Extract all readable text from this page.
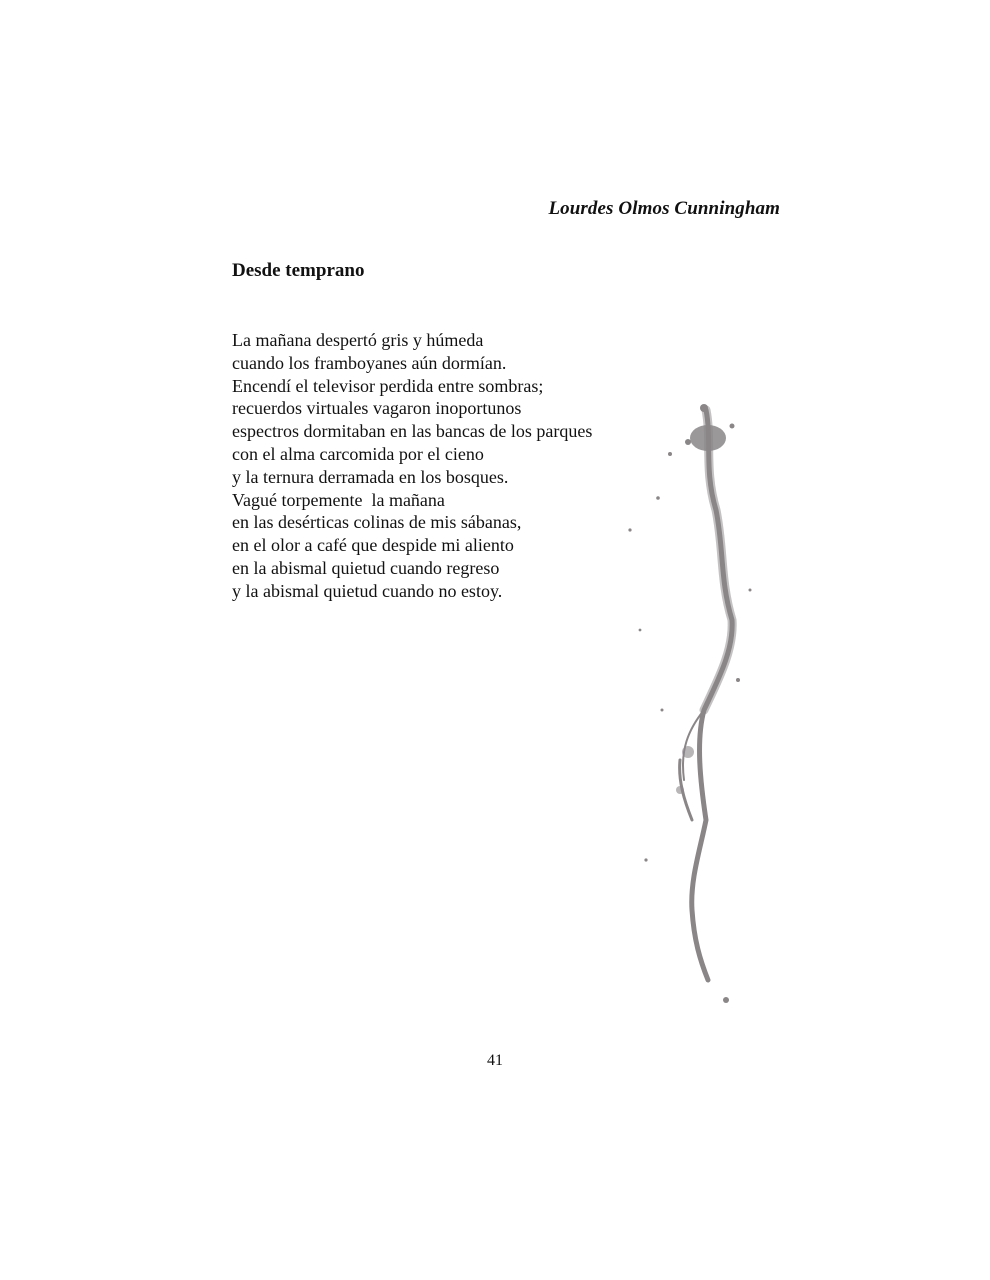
Lourdes Olmos Cunningham
Desde temprano
La mañana despertó gris y húmeda
cuando los framboyanes aún dormían.
Encendí el televisor perdida entre sombras;
recuerdos virtuales vagaron inoportunos
espectros dormitaban en las bancas de los parques
con el alma carcomida por el cieno
y la ternura derramada en los bosques.
Vagué torpemente  la mañana
en las desérticas colinas de mis sábanas,
en el olor a café que despide mi aliento
en la abismal quietud cuando regreso
y la abismal quietud cuando no estoy.
41
